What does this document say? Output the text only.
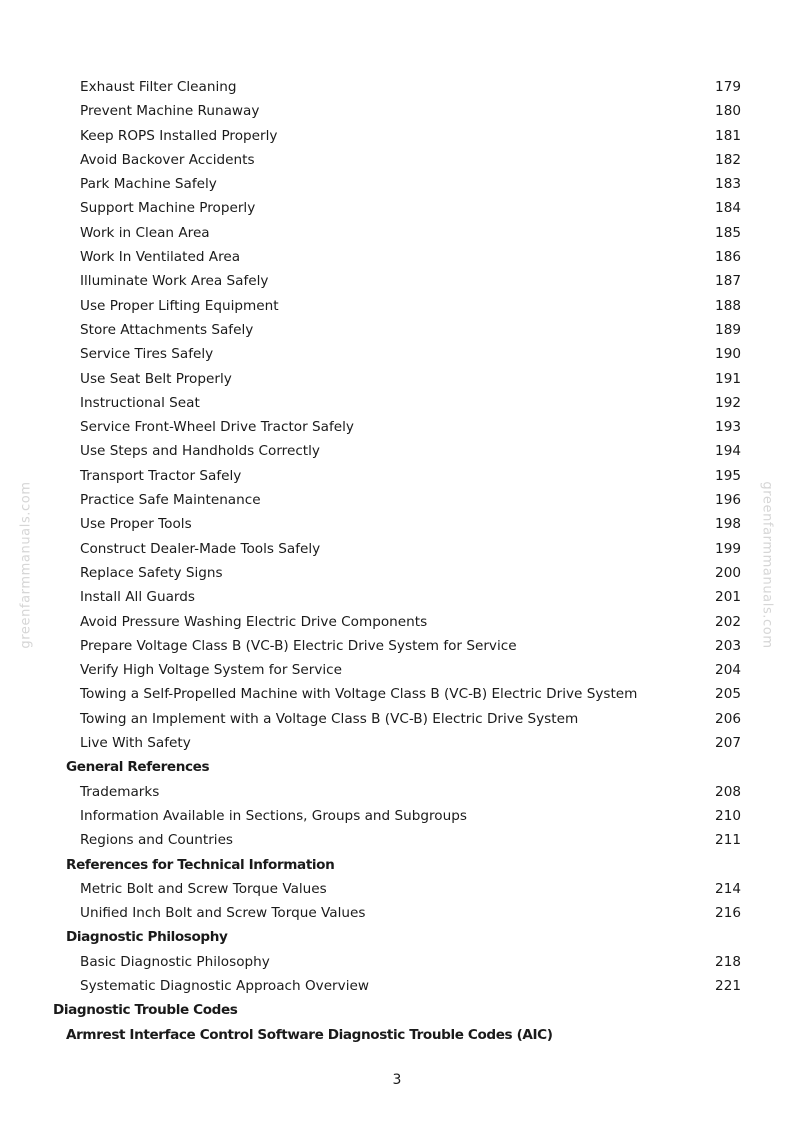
greenfarmmanuals.com	greenfarmmanuals.com
Exhaust Filter Cleaning	179
Prevent Machine Runaway	180
Keep ROPS Installed Properly	181
Avoid Backover Accidents	182
Park Machine Safely	183
Support Machine Properly	184
Work in Clean Area	185
Work In Ventilated Area	186
Illuminate Work Area Safely	187
Use Proper Lifting Equipment	188
Store Attachments Safely	189
Service Tires Safely	190
Use Seat Belt Properly	191
Instructional Seat	192
Service Front-Wheel Drive Tractor Safely	193
Use Steps and Handholds Correctly	194
Transport Tractor Safely	195
Practice Safe Maintenance	196
Use Proper Tools	198
Construct Dealer-Made Tools Safely	199
Replace Safety Signs	200
Install All Guards	201
Avoid Pressure Washing Electric Drive Components	202
Prepare Voltage Class B (VC-B) Electric Drive System for Service	203
Verify High Voltage System for Service	204
Towing a Self-Propelled Machine with Voltage Class B (VC-B) Electric Drive System	205
Towing an Implement with a Voltage Class B (VC-B) Electric Drive System	206
Live With Safety	207
General References
Trademarks	208
Information Available in Sections, Groups and Subgroups	210
Regions and Countries	211
References for Technical Information
Metric Bolt and Screw Torque Values	214
Unified Inch Bolt and Screw Torque Values	216
Diagnostic Philosophy
Basic Diagnostic Philosophy	218
Systematic Diagnostic Approach Overview	221
Diagnostic Trouble Codes
Armrest Interface Control Software Diagnostic Trouble Codes (AIC)
3
